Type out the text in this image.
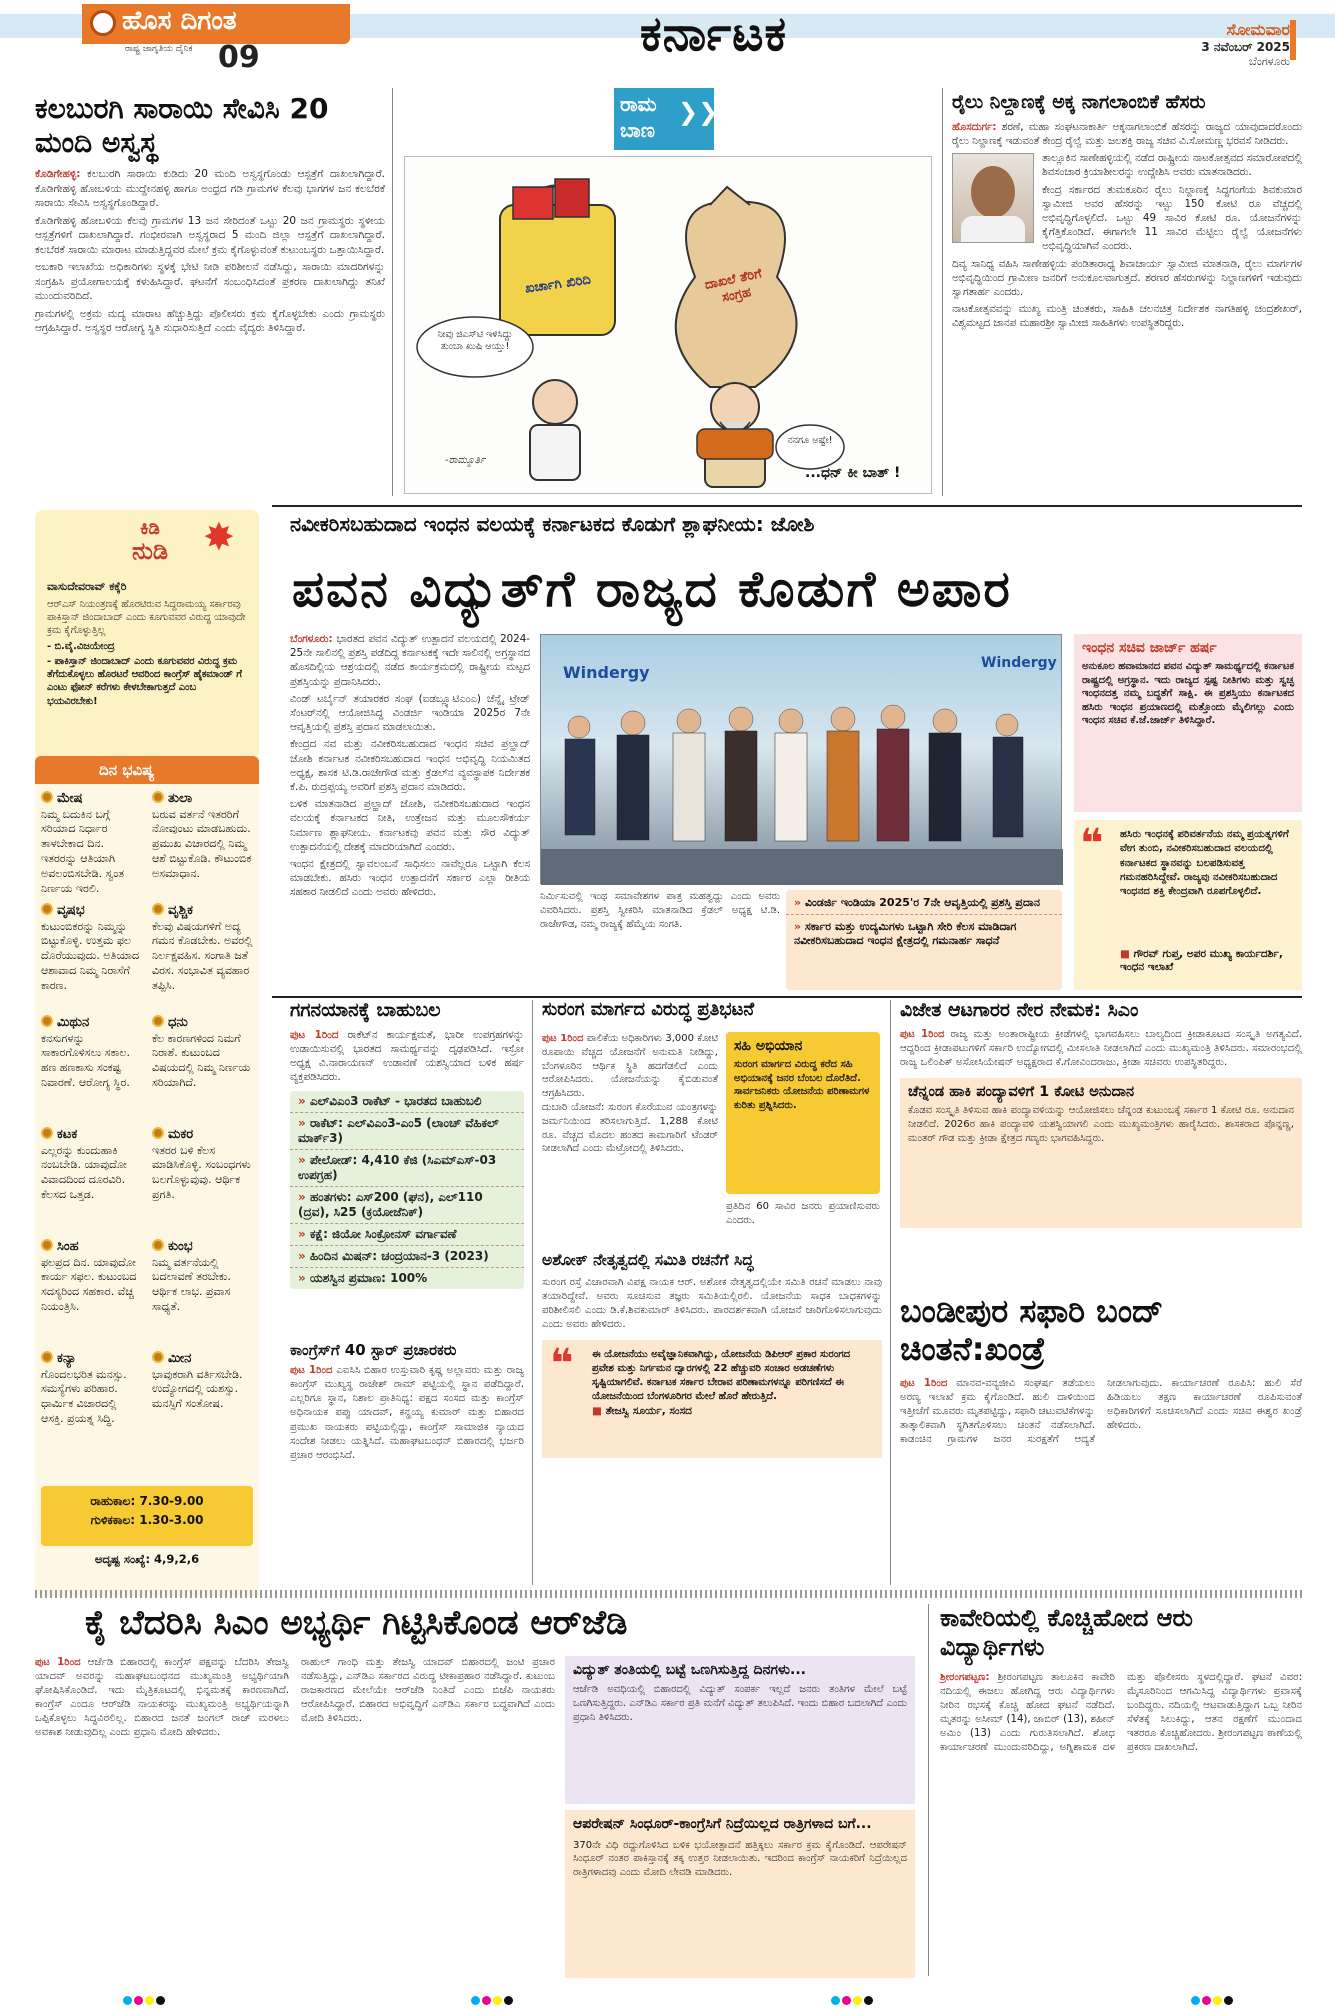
ಹೊಸ ದಿಗಂತ
ರಾಷ್ಟ್ರ ಜಾಗೃತಿಯ ದೈನಿಕ 09	ಕರ್ನಾಟಕ	ಸೋಮವಾರ
3 ನವೆಂಬರ್ 2025
ಬೆಂಗಳೂರು
ಕಲಬುರಗಿ ಸಾರಾಯಿ ಸೇವಿಸಿ 20 ಮಂದಿ ಅಸ್ವಸ್ಥ

ಕೊಡಿಗೇಹಳ್ಳಿ: ಕಲಬುರಗಿ ಸಾರಾಯಿ ಕುಡಿದು 20 ಮಂದಿ ಅಸ್ವಸ್ಥಗೊಂಡು ಆಸ್ಪತ್ರೆಗೆ ದಾಖಲಾಗಿದ್ದಾರೆ. ಕೊಡಿಗೇಹಳ್ಳಿ ಹೋಬಳಿಯ ಮುದ್ದೇನಹಳ್ಳಿ ಹಾಗೂ ಅಂಧ್ರದ ಗಡಿ ಗ್ರಾಮಗಳ ಕೆಲವು ಭಾಗಗಳ ಜನ ಕಲಬೆರಕೆ ಸಾರಾಯಿ ಸೇವಿಸಿ ಅಸ್ವಸ್ಥಗೊಂಡಿದ್ದಾರೆ.

ಕೊಡಿಗೇಹಳ್ಳಿ ಹೋಬಳಿಯ ಕೆಲವು ಗ್ರಾಮಗಳ 13 ಜನ ಸೇರಿದಂತೆ ಒಟ್ಟು 20 ಜನ ಗ್ರಾಮಸ್ಥರು ಸ್ಥಳೀಯ ಆಸ್ಪತ್ರೆಗಳಿಗೆ ದಾಖಲಾಗಿದ್ದಾರೆ. ಗಂಭೀರವಾಗಿ ಅಸ್ವಸ್ಥರಾದ 5 ಮಂದಿ ಜಿಲ್ಲಾ ಆಸ್ಪತ್ರೆಗೆ ದಾಖಲಾಗಿದ್ದಾರೆ. ಕಲಬೆರಕೆ ಸಾರಾಯಿ ಮಾರಾಟ ಮಾಡುತ್ತಿದ್ದವರ ಮೇಲೆ ಕ್ರಮ ಕೈಗೊಳ್ಳುವಂತೆ ಕುಟುಂಬಸ್ಥರು ಒತ್ತಾಯಿಸಿದ್ದಾರೆ.

ಅಬಕಾರಿ ಇಲಾಖೆಯ ಅಧಿಕಾರಿಗಳು ಸ್ಥಳಕ್ಕೆ ಭೇಟಿ ನೀಡಿ ಪರಿಶೀಲನೆ ನಡೆಸಿದ್ದು, ಸಾರಾಯಿ ಮಾದರಿಗಳನ್ನು ಸಂಗ್ರಹಿಸಿ ಪ್ರಯೋಗಾಲಯಕ್ಕೆ ಕಳುಹಿಸಿದ್ದಾರೆ. ಘಟನೆಗೆ ಸಂಬಂಧಿಸಿದಂತೆ ಪ್ರಕರಣ ದಾಖಲಾಗಿದ್ದು ತನಿಖೆ ಮುಂದುವರಿದಿದೆ.

ಗ್ರಾಮಗಳಲ್ಲಿ ಅಕ್ರಮ ಮದ್ಯ ಮಾರಾಟ ಹೆಚ್ಚುತ್ತಿದ್ದು ಪೊಲೀಸರು ಕ್ರಮ ಕೈಗೊಳ್ಳಬೇಕು ಎಂದು ಗ್ರಾಮಸ್ಥರು ಆಗ್ರಹಿಸಿದ್ದಾರೆ. ಅಸ್ವಸ್ಥರ ಆರೋಗ್ಯ ಸ್ಥಿತಿ ಸುಧಾರಿಸುತ್ತಿದೆ ಎಂದು ವೈದ್ಯರು ತಿಳಿಸಿದ್ದಾರೆ.

ರಾಮ
ಬಾಣ
❯❯
ಖರ್ಚಾಗಿ ಖಿರಿದಿ	ದಾಖಲೆ ತೆರಿಗೆ ಸಂಗ್ರಹ
ನೀವು ಜಿಎಸ್‌ಟಿ ಇಳಿಸಿದ್ದು ತುಂಬಾ ಖುಷಿ ಆಯ್ತು!
ನನಗೂ ಅಷ್ಟೇ!
-ರಾಮ್ಮೂರ್ತಿ
...ಧನ್ ಕೀ ಬಾತ್ !
ರೈಲು ನಿಲ್ದಾಣಕ್ಕೆ ಅಕ್ಕ ನಾಗಲಾಂಬಿಕೆ ಹೆಸರು

ಹೊಸದುರ್ಗ: ಶರಣೆ, ಮಹಾ ಸಂಘಟನಾಕಾರ್ತಿ ಅಕ್ಕನಾಗಲಾಂಬಿಕೆ ಹೆಸರನ್ನು ರಾಜ್ಯದ ಯಾವುದಾದರೊಂದು ರೈಲು ನಿಲ್ದಾಣಕ್ಕೆ ಇಡುವಂತೆ ಕೇಂದ್ರ ರೈಲ್ವೆ ಮತ್ತು ಜಲಶಕ್ತಿ ರಾಜ್ಯ ಸಚಿವ ವಿ.ಸೋಮಣ್ಣ ಭರವಸೆ ನೀಡಿದರು.

ತಾಲ್ಲೂಕಿನ ಸಾಣೇಹಳ್ಳಿಯಲ್ಲಿ ನಡೆದ ರಾಷ್ಟ್ರೀಯ ನಾಟಕೋತ್ಸವದ ಸಮಾರೋಪದಲ್ಲಿ ಶಿವಸಂಚಾರ ಕ್ರಿಯಾಶೀಲರನ್ನು ಉದ್ದೇಶಿಸಿ ಅವರು ಮಾತನಾಡಿದರು.

ಕೇಂದ್ರ ಸರ್ಕಾರದ ತುಮಕೂರಿನ ರೈಲು ನಿಲ್ದಾಣಕ್ಕೆ ಸಿದ್ಧಗಂಗೆಯ ಶಿವಕುಮಾರ ಸ್ವಾಮೀಜಿ ಅವರ ಹೆಸರನ್ನು ಇಟ್ಟು 150 ಕೋಟಿ ರೂ ವೆಚ್ಚದಲ್ಲಿ ಅಭಿವೃದ್ಧಿಗೊಳ್ಳಲಿದೆ. ಒಟ್ಟು 49 ಸಾವಿರ ಕೋಟಿ ರೂ. ಯೋಜನೆಗಳನ್ನು ಕೈಗೆತ್ತಿಕೊಂಡಿದೆ. ಈಗಾಗಲೇ 11 ಸಾವಿರ ಮೆಟ್ಟಿಲು ರೈಲ್ವೆ ಯೋಜನೆಗಳು ಅಭಿವೃದ್ಧಿಯಾಗಿವೆ ಎಂದರು.

ದಿವ್ಯ ಸಾನಿಧ್ಯ ವಹಿಸಿ ಸಾಣೇಹಳ್ಳಿಯ ಪಂಡಿತಾರಾಧ್ಯ ಶಿವಾಚಾರ್ಯ ಸ್ವಾಮೀಜಿ ಮಾತನಾಡಿ, ರೈಲು ಮಾರ್ಗಗಳ ಅಭಿವೃದ್ಧಿಯಿಂದ ಗ್ರಾಮೀಣ ಜನರಿಗೆ ಅನುಕೂಲವಾಗುತ್ತದೆ. ಶರಣರ ಹೆಸರುಗಳನ್ನು ನಿಲ್ದಾಣಗಳಿಗೆ ಇಡುವುದು ಸ್ವಾಗತಾರ್ಹ ಎಂದರು.

ನಾಟಕೋತ್ಸವವನ್ನು ಮುಖ್ಯ ಮಂತ್ರಿ ಚಿಂತಕರು, ಸಾಹಿತಿ ಚಲನಚಿತ್ರ ನಿರ್ದೇಶಕ ನಾಗತಿಹಳ್ಳಿ ಚಂದ್ರಶೇಖರ್, ವಿಶ್ವಮಟ್ಟದ ಜಾನಪ ಮಹಾರಶ್ರೀ ಸ್ವಾಮೀಜಿ ಸಾಹಿತಿಗಳು ಉಪಸ್ಥಿತರಿದ್ದರು.

ಕಿಡಿ
ನುಡಿ ✸
ವಾಸುದೇವರಾವ್ ಕಕ್ಕೆರಿ
ಆರ್‌ಎಸ್ ನಿಯಂತ್ರಣಕ್ಕೆ ಹೊರಟಿರುವ ಸಿದ್ದರಾಮಯ್ಯ ಸರ್ಕಾರವು ಪಾಕಿಸ್ತಾನ್ ಜಿಂದಾಬಾದ್ ಎಂದು ಕೂಗುವವರ ವಿರುದ್ಧ ಯಾವುದೇ ಕ್ರಮ ಕೈಗೊಳ್ಳುತ್ತಿಲ್ಲ
- ಬಿ.ವೈ.ವಿಜಯೇಂದ್ರ
- ಪಾಕಿಸ್ತಾನ್ ಜಿಂದಾಬಾದ್ ಎಂದು ಕೂಗುವವರ ವಿರುದ್ಧ ಕ್ರಮ ತೆಗೆದುಕೊಳ್ಳಲು ಹೊರಟರೆ ಆವರಿಂದ ಕಾಂಗ್ರೆಸ್ ಹೈಕಮಾಂಡ್ ಗೆ ಎಂಟು ಫೋನ್ ಕರೆಗಳು ಕೇಳಬೇಕಾಗುತ್ತದೆ ಎಂಬ ಭಯವಿರಬೇಕು!
ದಿನ ಭವಿಷ್ಯ
ಮೇಷ
ನಿಮ್ಮ ಬದುಕಿನ ಬಗ್ಗೆ ಸರಿಯಾದ ನಿರ್ಧಾರ ತಾಳಬೇಕಾದ ದಿನ. ಇತರರನ್ನು ಆತಿಯಾಗಿ ಅವಲಂಬಿಸಬೇಡಿ. ಸ್ವಂತ ನಿರ್ಣಯ ಇರಲಿ.
ತುಲಾ
ಬರುವ ವರ್ತನೆ ಇತರರಿಗೆ ನೋವುಂಟು ಮಾಡಬಹುದು. ಪ್ರಮುಖ ವಿಚಾರದಲ್ಲಿ ನಿಮ್ಮ ಆಶೆ ಬಿಟ್ಟುಕೊಡಿ. ಕೌಟುಂಬಿಕ ಅಸಮಾಧಾನ.
ವೃಷಭ
ಕುಟುಂಬಿಕರನ್ನು ನಿಮ್ಮನ್ನು ಬಿಟ್ಟುಕೊಳ್ಳಿ. ಉತ್ತಮ ಫಲ ದೊರೆಯುವುದು. ಅತಿಯಾದ ಆಶಾವಾದ ನಿಮ್ಮ ನಿರಾಸೆಗೆ ಕಾರಣ.
ವೃಶ್ಚಿಕ
ಕೆಲವು ವಿಷಯಗಳಿಗೆ ಅದ್ಯ ಗಮನ ಕೊಡಬೇಕು. ಅವರಲ್ಲಿ ನಿರ್ಲಕ್ಷವಹಿಸ. ಸಂಗಾತಿ ಜತೆ ವಿರಸ. ಸಂಭಾವಿತ ವ್ಯವಹಾರ ತಪ್ಪಿಸಿ.
ಮಿಥುನ
ಕನಸುಗಳನ್ನು ಸಾಕಾರಗೊಳಿಸಲು ಸಕಾಲ. ಹಣ ಹಣಕಾಸು ಸಂಕಷ್ಟ ನಿವಾರಣೆ. ಆರೋಗ್ಯ ಸ್ಥಿರ.
ಧನು
ಕೆಲ ಕಾರಣಗಳಿಂದ ನಿಮಗೆ ನಿರಾಶೆ. ಕುಟುಂಬದ ವಿಷಯದಲ್ಲಿ ನಿಮ್ಮ ನಿರ್ಣಯ ಸರಿಯಾಗಿದೆ.
ಕಟಕ
ಎಲ್ಲರನ್ನು ಕುಂದುಹಾಕಿ ನಂಬಬೇಡಿ. ಯಾವುದೋ ವಿವಾದದಿಂದ ದೂರವಿರಿ. ಕೆಲಸದ ಒತ್ತಡ.
ಮಕರ
ಇತರರ ಬಳಿ ಕೆಲಸ ಮಾಡಿಸಿಕೊಳ್ಳಿ. ಸಂಬಂಧಗಳು ಬಲಗೊಳ್ಳುವುವು. ಆರ್ಥಿಕ ಪ್ರಗತಿ.
ಸಿಂಹ
ಫಲಪ್ರದ ದಿನ. ಯಾವುದೋ ಕಾರ್ಯ ಸಫಲ. ಕುಟುಂಬದ ಸದಸ್ಯರಿಂದ ಸಹಕಾರ. ವೆಚ್ಚ ನಿಯಂತ್ರಿಸಿ.
ಕುಂಭ
ನಿಮ್ಮ ವರ್ತನೆಯಲ್ಲಿ ಬದಲಾವಣೆ ತರಬೇಕು. ಆರ್ಥಿಕ ಲಾಭ. ಪ್ರವಾಸ ಸಾಧ್ಯತೆ.
ಕನ್ಯಾ
ಗೊಂದಲಭರಿತ ಮನಸ್ಸು. ಸಮಸ್ಯೆಗಳು ಪರಿಹಾರ. ಧಾರ್ಮಿಕ ವಿಚಾರದಲ್ಲಿ ಆಸಕ್ತಿ. ಪ್ರಯತ್ನ ಸಿದ್ಧಿ.
ಮೀನ
ಭಾವುಕರಾಗಿ ವರ್ತಿಸಬೇಡಿ. ಉದ್ಯೋಗದಲ್ಲಿ ಯಶಸ್ಸು. ಮನಸ್ಸಿಗೆ ಸಂತೋಷ.
ರಾಹುಕಾಲ: 7.30-9.00
ಗುಳಿಕಕಾಲ: 1.30-3.00
ಅದೃಷ್ಟ ಸಂಖ್ಯೆ: 4,9,2,6
ನವೀಕರಿಸಬಹುದಾದ ಇಂಧನ ವಲಯಕ್ಕೆ ಕರ್ನಾಟಕದ ಕೊಡುಗೆ ಶ್ಲಾಘನೀಯ: ಜೋಶಿ
ಪವನ ವಿದ್ಯುತ್‌ಗೆ ರಾಜ್ಯದ ಕೊಡುಗೆ ಅಪಾರ

ಬೆಂಗಳೂರು: ಭಾರತದ ಪವನ ವಿದ್ಯುತ್ ಉತ್ಪಾದನೆ ವಲಯದಲ್ಲಿ 2024-25ನೇ ಸಾಲಿನಲ್ಲಿ ಪ್ರಶಸ್ತಿ ಪಡೆದಿದ್ದ ಕರ್ನಾಟಕಕ್ಕೆ ಇದೇ ಸಾಲಿನಲ್ಲಿ ಅಗ್ರಸ್ಥಾನದ ಹೊಸದಿಲ್ಲಿಯ ಆಶ್ರಯದಲ್ಲಿ ನಡೆದ ಕಾರ್ಯಕ್ರಮದಲ್ಲಿ ರಾಷ್ಟ್ರೀಯ ಮಟ್ಟದ ಪ್ರಶಸ್ತಿಯನ್ನು ಪ್ರದಾನಿಸಿದರು.

ವಿಂಡ್ ಟರ್ಬೈನ್ ತಯಾರಕರ ಸಂಘ (ಐಡಬ್ಲ್ಯೂಟಿಎಂಎ) ಚೆನ್ನೈ ಟ್ರೇಡ್ ಸೆಂಟರ್‌ನಲ್ಲಿ ಆಯೋಜಿಸಿದ್ದ ವಿಂಡರ್ಜಿ ಇಂಡಿಯಾ 2025ರ 7ನೇ ಆವೃತ್ತಿಯಲ್ಲಿ ಪ್ರಶಸ್ತಿ ಪ್ರದಾನ ಮಾಡಲಾಯಿತು.

ಕೇಂದ್ರದ ನವ ಮತ್ತು ನವೀಕರಿಸಬಹುದಾದ ಇಂಧನ ಸಚಿವ ಪ್ರಲ್ಹಾದ್ ಜೋಶಿ ಕರ್ನಾಟಕ ನವೀಕರಿಸಬಹುದಾದ ಇಂಧನ ಅಭಿವೃದ್ಧಿ ನಿಯಮಿತದ ಅಧ್ಯಕ್ಷ, ಶಾಸಕ ಟಿ.ಡಿ.ರಾಜೇಗೌಡ ಮತ್ತು ಕ್ರೆಡಲ್‌ನ ವ್ಯವಸ್ಥಾಪಕ ನಿರ್ದೇಶಕ ಕೆ.ಪಿ. ರುದ್ರಪ್ಪಯ್ಯ ಅವರಿಗೆ ಪ್ರಶಸ್ತಿ ಪ್ರದಾನ ಮಾಡಿದರು.

ಬಳಿಕ ಮಾತನಾಡಿದ ಪ್ರಲ್ಹಾದ್ ಜೋಶಿ, ನವೀಕರಿಸಬಹುದಾದ ಇಂಧನ ವಲಯಕ್ಕೆ ಕರ್ನಾಟಕದ ನೀತಿ, ಉತ್ತೇಜನ ಮತ್ತು ಮೂಲಸೌಕರ್ಯ ನಿರ್ಮಾಣ ಶ್ಲಾಘನೀಯ. ಕರ್ನಾಟಕವು ಪವನ ಮತ್ತು ಸೌರ ವಿದ್ಯುತ್ ಉತ್ಪಾದನೆಯಲ್ಲಿ ದೇಶಕ್ಕೆ ಮಾದರಿಯಾಗಿದೆ ಎಂದರು.

ಇಂಧನ ಕ್ಷೇತ್ರದಲ್ಲಿ ಸ್ವಾವಲಂಬನೆ ಸಾಧಿಸಲು ನಾವೆಲ್ಲರೂ ಒಟ್ಟಾಗಿ ಕೆಲಸ ಮಾಡಬೇಕು. ಹಸಿರು ಇಂಧನ ಉತ್ಪಾದನೆಗೆ ಸರ್ಕಾರ ಎಲ್ಲಾ ರೀತಿಯ ಸಹಕಾರ ನೀಡಲಿದೆ ಎಂದು ಅವರು ಹೇಳಿದರು.

Windergy	Windergy
ನಿರ್ಮಿಸುವಲ್ಲಿ ಇಂಥ ಸಮಾವೇಶಗಳ ಪಾತ್ರ ಮಹತ್ವದ್ದು ಎಂದು ಅವರು ವಿವರಿಸಿದರು. ಪ್ರಶಸ್ತಿ ಸ್ವೀಕರಿಸಿ ಮಾತನಾಡಿದ ಕ್ರೆಡಲ್ ಅಧ್ಯಕ್ಷ ಟಿ.ಡಿ. ರಾಜೇಗೌಡ, ನಮ್ಮ ರಾಜ್ಯಕ್ಕೆ ಹೆಮ್ಮೆಯ ಸಂಗತಿ.
» ವಿಂಡರ್ಜಿ ಇಂಡಿಯಾ 2025'ರ 7ನೇ ಆವೃತ್ತಿಯಲ್ಲಿ ಪ್ರಶಸ್ತಿ ಪ್ರದಾನ
» ಸರ್ಕಾರ ಮತ್ತು ಉದ್ಯಮಿಗಳು ಒಟ್ಟಾಗಿ ಸೇರಿ ಕೆಲಸ ಮಾಡಿದಾಗ ನವೀಕರಿಸಬಹುದಾದ ಇಂಧನ ಕ್ಷೇತ್ರದಲ್ಲಿ ಗಮನಾರ್ಹ ಸಾಧನೆ
ಇಂಧನ ಸಚಿವ ಜಾರ್ಜ್ ಹರ್ಷ
ಅನುಕೂಲ ಹವಾಮಾನದ ಪವನ ವಿದ್ಯುತ್ ಸಾಮರ್ಥ್ಯದಲ್ಲಿ ಕರ್ನಾಟಕ ರಾಷ್ಟ್ರದಲ್ಲಿ ಅಗ್ರಸ್ಥಾನ. ಇದು ರಾಜ್ಯದ ಸ್ಪಷ್ಟ ನೀತಿಗಳು ಮತ್ತು ಸ್ವಚ್ಛ ಇಂಧನದತ್ತ ನಮ್ಮ ಬದ್ಧತೆಗೆ ಸಾಕ್ಷಿ. ಈ ಪ್ರಶಸ್ತಿಯು ಕರ್ನಾಟಕದ ಹಸಿರು ಇಂಧನ ಪ್ರಯಾಣದಲ್ಲಿ ಮತ್ತೊಂದು ಮೈಲಿಗಲ್ಲು ಎಂದು ಇಂಧನ ಸಚಿವ ಕೆ.ಜೆ.ಜಾರ್ಜ್ ತಿಳಿಸಿದ್ದಾರೆ.
❝ ಹಸಿರು ಇಂಧನಕ್ಕೆ ಪರಿವರ್ತನೆಯ ನಮ್ಮ ಪ್ರಯತ್ನಗಳಿಗೆ ವೇಗ ತುಂಬಿ, ನವೀಕರಿಸಬಹುದಾದ ವಲಯದಲ್ಲಿ ಕರ್ನಾಟಕದ ಸ್ಥಾನವನ್ನು ಬಲಪಡಿಸುವತ್ತ ಗಮನಹರಿಸಿದ್ದೇವೆ. ರಾಜ್ಯವು ನವೀಕರಿಸಬಹುದಾದ ಇಂಧನದ ಶಕ್ತಿ ಕೇಂದ್ರವಾಗಿ ರೂಪಗೊಳ್ಳಲಿದೆ.
■ ಗೌರವ್ ಗುಪ್ತ, ಅಪರ ಮುಖ್ಯ ಕಾರ್ಯದರ್ಶಿ, ಇಂಧನ ಇಲಾಖೆ
ಗಗನಯಾನಕ್ಕೆ ಬಾಹುಬಲ
ಪುಟ 1ರಿಂದ ರಾಕೆಟ್‌ನ ಕಾರ್ಯಕ್ಷಮತೆ, ಭಾರೀ ಉಪಗ್ರಹಗಳನ್ನು ಉಡಾಯಿಸುವಲ್ಲಿ ಭಾರತದ ಸಾಮರ್ಥ್ಯವನ್ನು ದೃಢಪಡಿಸಿದೆ. ಇಸ್ರೋ ಅಧ್ಯಕ್ಷ ವಿ.ನಾರಾಯಣನ್ ಉಡಾವಣೆ ಯಶಸ್ವಿಯಾದ ಬಳಿಕ ಹರ್ಷ ವ್ಯಕ್ತಪಡಿಸಿದರು.
» ಎಲ್‌ವಿಎಂ3 ರಾಕೆಟ್ - ಭಾರತದ ಬಾಹುಬಲಿ
» ರಾಕೆಟ್: ಎಲ್‌ವಿಎಂ3-ಎಂ5 (ಲಾಂಚ್ ವೆಹಿಕಲ್ ಮಾರ್ಕ್3)
» ಪೇಲೋಡ್: 4,410 ಕೆಜಿ (ಸಿಎಮ್‌ಎಸ್-03 ಉಪಗ್ರಹ)
» ಹಂತಗಳು: ಎಸ್200 (ಘನ), ಎಲ್110 (ದ್ರವ), ಸಿ25 (ಕ್ರಯೋಜೆನಿಕ್)
» ಕಕ್ಷೆ: ಜಿಯೋ ಸಿಂಕ್ರೋನಸ್ ವರ್ಗಾವಣೆ
» ಹಿಂದಿನ ಮಿಷನ್: ಚಂದ್ರಯಾನ-3 (2023)
» ಯಶಸ್ವಿನ ಪ್ರಮಾಣ: 100%
ಕಾಂಗ್ರೆಸ್‌ಗೆ 40 ಸ್ಟಾರ್ ಪ್ರಚಾರಕರು
ಪುಟ 1ರಿಂದ ಎಐಸಿಸಿ ಬಿಹಾರ ಉಸ್ತುವಾರಿ ಕೃಷ್ಣ ಅಲ್ಲಾವರು ಮತ್ತು ರಾಜ್ಯ ಕಾಂಗ್ರೆಸ್ ಮುಖ್ಯಸ್ಥ ರಾಜೇಶ್ ರಾಮ್ ಪಟ್ಟಿಯಲ್ಲಿ ಸ್ಥಾನ ಪಡೆದಿದ್ದಾರೆ. ಎಲ್ಲರಿಗೂ ಸ್ಥಾನ, ನಿಶಾಲ ಪ್ರಾತಿನಿಧ್ಯ: ಪಕ್ಷದ ಸಂಸದ ಮತ್ತು ಕಾಂಗ್ರೆಸ್ ಅಧಿನಾಯಕ ಪಪ್ಪು ಯಾದವ್, ಕನ್ಹಯ್ಯ ಕುಮಾರ್ ಮತ್ತು ಬಿಹಾರದ ಪ್ರಮುಖ ನಾಯಕರು ಪಟ್ಟಿಯಲ್ಲಿದ್ದು, ಕಾಂಗ್ರೆಸ್ ಸಾಮಾಜಿಕ ನ್ಯಾಯದ ಸಂದೇಶ ನೀಡಲು ಯತ್ನಿಸಿದೆ. ಮಹಾಘಟಬಂಧನ್ ಬಿಹಾರದಲ್ಲಿ ಭರ್ಜರಿ ಪ್ರಚಾರ ಆರಂಭಿಸಿದೆ.
ಸುರಂಗ ಮಾರ್ಗದ ವಿರುದ್ಧ ಪ್ರತಿಭಟನೆ
ಪುಟ 1ರಿಂದ ಪಾಲಿಕೆಯ ಅಧಿಕಾರಿಗಳು 3,000 ಕೋಟಿ ರೂಪಾಯಿ ವೆಚ್ಚದ ಯೋಜನೆಗೆ ಅನುಮತಿ ನೀಡಿದ್ದು, ಬೆಂಗಳೂರಿನ ಆರ್ಥಿಕ ಸ್ಥಿತಿ ಹದಗೆಡಲಿದೆ ಎಂದು ಆರೋಪಿಸಿದರು. ಯೋಜನೆಯನ್ನು ಕೈಬಿಡುವಂತೆ ಆಗ್ರಹಿಸಿದರು.

ದುಬಾರಿ ಯೋಜನೆ: ಸುರಂಗ ಕೊರೆಯುವ ಯಂತ್ರಗಳನ್ನು ಜರ್ಮನಿಯಿಂದ ತರಿಸಲಾಗುತ್ತಿದೆ. 1,288 ಕೋಟಿ ರೂ. ವೆಚ್ಚದ ಮೊದಲ ಹಂತದ ಕಾಮಗಾರಿಗೆ ಟೆಂಡರ್ ನೀಡಲಾಗಿದೆ ಎಂದು ಮೆಟ್ರೋದಲ್ಲಿ ತಿಳಿಸಿದರು.

ಸಹಿ ಅಭಿಯಾನ
ಸುರಂಗ ಮಾರ್ಗದ ವಿರುದ್ಧ ಕರೆದ ಸಹಿ ಅಭಿಯಾನಕ್ಕೆ ಜನರ ಬೆಂಬಲ ದೊರೆತಿದೆ. ಸಾರ್ವಜನಿಕರು ಯೋಜನೆಯ ಪರಿಣಾಮಗಳ ಕುರಿತು ಪ್ರಶ್ನಿಸಿದರು.
ಪ್ರತಿದಿನ 60 ಸಾವಿರ ಜನರು ಪ್ರಯಾಣಿಸುವರು ಎಂದರು.
ಅಶೋಕ್ ನೇತೃತ್ವದಲ್ಲಿ ಸಮಿತಿ ರಚನೆಗೆ ಸಿದ್ಧ
ಸುರಂಗ ರಸ್ತೆ ವಿಚಾರವಾಗಿ ವಿಪಕ್ಷ ನಾಯಕ ಆರ್. ಅಶೋಕ ನೇತೃತ್ವದಲ್ಲಿಯೇ ಸಮಿತಿ ರಚನೆ ಮಾಡಲು ನಾವು ತಯಾರಿದ್ದೇವೆ. ಅವರು ಸೂಚಿಸುವ ತಜ್ಞರು ಸಮಿತಿಯಲ್ಲಿರಲಿ. ಯೋಜನೆಯ ಸಾಧಕ ಬಾಧಕಗಳನ್ನು ಪರಿಶೀಲಿಸಲಿ ಎಂದು ಡಿ.ಕೆ.ಶಿವಕುಮಾರ್ ತಿಳಿಸಿದರು. ಪಾರದರ್ಶಕವಾಗಿ ಯೋಜನೆ ಜಾರಿಗೊಳಿಸಲಾಗುವುದು ಎಂದು ಅವರು ಹೇಳಿದರು.
❝ ಈ ಯೋಜನೆಯು ಅವೈಜ್ಞಾನಿಕವಾಗಿದ್ದು, ಯೋಜನೆಯ ಡಿಪಿಆರ್ ಪ್ರಕಾರ ಸುರಂಗದ ಪ್ರವೇಶ ಮತ್ತು ನಿರ್ಗಮನ ದ್ವಾರಗಳಲ್ಲಿ 22 ಹೆಚ್ಚುವರಿ ಸಂಚಾರ ಅಡಚಣೆಗಳು ಸೃಷ್ಟಿಯಾಗಲಿವೆ. ಕರ್ನಾಟಕ ಸರ್ಕಾರ ಬೇರಾವ ಪರಿಣಾಮಗಳನ್ನೂ ಪರಿಗಣಿಸದೆ ಈ ಯೋಜನೆಯಿಂದ ಬೆಂಗಳೂರಿಗರ ಮೇಲೆ ಹೊರೆ ಹೇರುತ್ತಿದೆ.
■ ತೇಜಸ್ವಿ ಸೂರ್ಯ, ಸಂಸದ
ವಿಜೇತ ಆಟಗಾರರ ನೇರ ನೇಮಕ: ಸಿಎಂ
ಪುಟ 1ರಿಂದ ರಾಜ್ಯ ಮತ್ತು ಅಂತಾರಾಷ್ಟ್ರೀಯ ಕ್ರೀಡೆಗಳಲ್ಲಿ ಭಾಗವಹಿಸಲು ಬಾಲ್ಯದಿಂದ ಕ್ರೀಡಾಕೂಟದ ಸಂಸ್ಕೃತಿ ಅಗತ್ಯವಿದೆ. ಆದ್ದರಿಂದ ಕ್ರೀಡಾಪಟುಗಳಿಗೆ ಸರ್ಕಾರಿ ಉದ್ಯೋಗದಲ್ಲಿ ಮೀಸಲಾತಿ ನೀಡಲಾಗಿದೆ ಎಂದು ಮುಖ್ಯಮಂತ್ರಿ ತಿಳಿಸಿದರು. ಸಮಾರಂಭದಲ್ಲಿ ರಾಜ್ಯ ಒಲಿಂಪಿಕ್ ಅಸೋಸಿಯೇಷನ್ ಅಧ್ಯಕ್ಷರಾದ ಕೆ.ಗೋವಿಂದರಾಜು, ಕ್ರೀಡಾ ಸಚಿವರು ಉಪಸ್ಥಿತರಿದ್ದರು.
ಚೆನ್ನಂಡ ಹಾಕಿ ಪಂದ್ಯಾವಳಿಗೆ 1 ಕೋಟಿ ಅನುದಾನ
ಕೊಡವ ಸಂಸ್ಕೃತಿ ತಿಳಿಸುವ ಹಾಕಿ ಪಂದ್ಯಾವಳಿಯನ್ನು ಆಯೋಜಿಸಲು ಚೆನ್ನಂಡ ಕುಟುಂಬಕ್ಕೆ ಸರ್ಕಾರ 1 ಕೋಟಿ ರೂ. ಅನುದಾನ ನೀಡಲಿದೆ. 2026ರ ಹಾಕಿ ಪಂದ್ಯಾವಳಿ ಯಶಸ್ವಿಯಾಗಲಿ ಎಂದು ಮುಖ್ಯಮಂತ್ರಿಗಳು ಹಾರೈಸಿದರು. ಶಾಸಕರಾದ ಪೊನ್ನಣ್ಣ, ಮಂತರ್ ಗೌಡ ಮತ್ತು ಕ್ರೀಡಾ ಕ್ಷೇತ್ರದ ಗಣ್ಯರು ಭಾಗವಹಿಸಿದ್ದರು.
ಬಂಡೀಪುರ ಸಫಾರಿ ಬಂದ್ ಚಿಂತನೆ:ಖಂಡ್ರೆ
ಪುಟ 1ರಿಂದ ಮಾನವ-ವನ್ಯಜೀವಿ ಸಂಘರ್ಷ ತಡೆಯಲು ಅರಣ್ಯ ಇಲಾಖೆ ಕ್ರಮ ಕೈಗೊಂಡಿದೆ. ಹುಲಿ ದಾಳಿಯಿಂದ ಇತ್ತೀಚೆಗೆ ಮೂವರು ಮೃತಪಟ್ಟಿದ್ದು, ಸಫಾರಿ ಚಟುವಟಿಕೆಗಳನ್ನು ತಾತ್ಕಾಲಿಕವಾಗಿ ಸ್ಥಗಿತಗೊಳಿಸಲು ಚಿಂತನೆ ನಡೆಸಲಾಗಿದೆ. ಕಾಡಂಚಿನ ಗ್ರಾಮಗಳ ಜನರ ಸುರಕ್ಷತೆಗೆ ಆದ್ಯತೆ ನೀಡಲಾಗುವುದು. ಕಾರ್ಯಾಚರಣೆ ರೂಪಿಸಿ: ಹುಲಿ ಸೆರೆ ಹಿಡಿಯಲು ತಕ್ಷಣ ಕಾರ್ಯಾಚರಣೆ ರೂಪಿಸುವಂತೆ ಅಧಿಕಾರಿಗಳಿಗೆ ಸೂಚಿಸಲಾಗಿದೆ ಎಂದು ಸಚಿವ ಈಶ್ವರ ಖಂಡ್ರೆ ಹೇಳಿದರು.
ಕೈ ಬೆದರಿಸಿ ಸಿಎಂ ಅಭ್ಯರ್ಥಿ ಗಿಟ್ಟಿಸಿಕೊಂಡ ಆರ್‌ಜೆಡಿ
ಪುಟ 1ರಿಂದ ಆರ್ಜೆಡಿ ಬಿಹಾರದಲ್ಲಿ ಕಾಂಗ್ರೆಸ್ ಪಕ್ಷವನ್ನು ಬೆದರಿಸಿ ತೇಜಸ್ವಿ ಯಾದವ್ ಅವರನ್ನು ಮಹಾಘಟಬಂಧನದ ಮುಖ್ಯಮಂತ್ರಿ ಅಭ್ಯರ್ಥಿಯಾಗಿ ಘೋಷಿಸಿಕೊಂಡಿದೆ. ಇದು ಮೈತ್ರಿಕೂಟದಲ್ಲಿ ಭಿನ್ನಮತಕ್ಕೆ ಕಾರಣವಾಗಿದೆ. ಕಾಂಗ್ರೆಸ್ ಎಂದೂ ಆರ್‌ಜೆಡಿ ನಾಯಕರನ್ನು ಮುಖ್ಯಮಂತ್ರಿ ಅಭ್ಯರ್ಥಿಯನ್ನಾಗಿ ಒಪ್ಪಿಕೊಳ್ಳಲು ಸಿದ್ಧವಿರಲಿಲ್ಲ. ಬಿಹಾರದ ಜನತೆ ಜಂಗಲ್ ರಾಜ್ ಮರಳಲು ಅವಕಾಶ ನೀಡುವುದಿಲ್ಲ ಎಂದು ಪ್ರಧಾನಿ ಮೋದಿ ಹೇಳಿದರು.

ರಾಹುಲ್ ಗಾಂಧಿ ಮತ್ತು ತೇಜಸ್ವಿ ಯಾದವ್ ಬಿಹಾರದಲ್ಲಿ ಜಂಟಿ ಪ್ರಚಾರ ನಡೆಸುತ್ತಿದ್ದು, ಎನ್‌ಡಿಎ ಸರ್ಕಾರದ ವಿರುದ್ಧ ಟೀಕಾಪ್ರಹಾರ ನಡೆಸಿದ್ದಾರೆ. ಕುಟುಂಬ ರಾಜಕಾರಣದ ಮೇಲೆಯೇ ಆರ್‌ಜೆಡಿ ನಿಂತಿದೆ ಎಂದು ಬಿಜೆಪಿ ನಾಯಕರು ಆರೋಪಿಸಿದ್ದಾರೆ. ಬಿಹಾರದ ಅಭಿವೃದ್ಧಿಗೆ ಎನ್‌ಡಿಎ ಸರ್ಕಾರ ಬದ್ಧವಾಗಿದೆ ಎಂದು ಮೋದಿ ತಿಳಿಸಿದರು.

ವಿದ್ಯುತ್ ತಂತಿಯಲ್ಲಿ ಬಟ್ಟೆ ಒಣಗಿಸುತ್ತಿದ್ದ ದಿನಗಳು...
ಆರ್ಜೆಡಿ ಅವಧಿಯಲ್ಲಿ ಬಿಹಾರದಲ್ಲಿ ವಿದ್ಯುತ್ ಸಂಪರ್ಕ ಇಲ್ಲದೆ ಜನರು ತಂತಿಗಳ ಮೇಲೆ ಬಟ್ಟೆ ಒಣಗಿಸುತ್ತಿದ್ದರು. ಎನ್‌ಡಿಎ ಸರ್ಕಾರ ಪ್ರತಿ ಮನೆಗೆ ವಿದ್ಯುತ್ ತಲುಪಿಸಿದೆ. ಇಂದು ಬಿಹಾರ ಬದಲಾಗಿದೆ ಎಂದು ಪ್ರಧಾನಿ ತಿಳಿಸಿದರು.
ಆಪರೇಷನ್ ಸಿಂಧೂರ್-ಕಾಂಗ್ರೆಸಿಗೆ ನಿದ್ರೆಯಿಲ್ಲದ ರಾತ್ರಿಗಳಾದ ಬಗೆ...
370ನೇ ವಿಧಿ ರದ್ದುಗೊಳಿಸಿದ ಬಳಿಕ ಭಯೋತ್ಪಾದನೆ ಹತ್ತಿಕ್ಕಲು ಸರ್ಕಾರ ಕ್ರಮ ಕೈಗೊಂಡಿದೆ. ಆಪರೇಷನ್ ಸಿಂಧೂರ್ ನಂತರ ಪಾಕಿಸ್ತಾನಕ್ಕೆ ತಕ್ಕ ಉತ್ತರ ನೀಡಲಾಯಿತು. ಇದರಿಂದ ಕಾಂಗ್ರೆಸ್ ನಾಯಕರಿಗೆ ನಿದ್ರೆಯಿಲ್ಲದ ರಾತ್ರಿಗಳಾದವು ಎಂದು ಮೋದಿ ಲೇವಡಿ ಮಾಡಿದರು.
ಕಾವೇರಿಯಲ್ಲಿ ಕೊಚ್ಚಿಹೋದ ಆರು ವಿದ್ಯಾರ್ಥಿಗಳು
ಶ್ರೀರಂಗಪಟ್ಟಣ: ಶ್ರೀರಂಗಪಟ್ಟಣ ತಾಲೂಕಿನ ಕಾವೇರಿ ನದಿಯಲ್ಲಿ ಈಜಲು ಹೋಗಿದ್ದ ಆರು ವಿದ್ಯಾರ್ಥಿಗಳು ನೀರಿನ ರಭಸಕ್ಕೆ ಕೊಚ್ಚಿ ಹೋದ ಘಟನೆ ನಡೆದಿದೆ. ಮೃತರನ್ನು ಅಸೀಮ್ (14), ಜಾಬಿರ್ (13), ಶಹೀನ್ ಅಮಿಂ (13) ಎಂದು ಗುರುತಿಸಲಾಗಿದೆ. ಶೋಧ ಕಾರ್ಯಾಚರಣೆ ಮುಂದುವರಿದಿದ್ದು, ಅಗ್ನಿಶಾಮಕ ದಳ ಮತ್ತು ಪೊಲೀಸರು ಸ್ಥಳದಲ್ಲಿದ್ದಾರೆ. ಘಟನೆ ವಿವರ: ಮೈಸೂರಿನಿಂದ ಆಗಮಿಸಿದ್ದ ವಿದ್ಯಾರ್ಥಿಗಳು ಪ್ರವಾಸಕ್ಕೆ ಬಂದಿದ್ದರು. ನದಿಯಲ್ಲಿ ಆಟವಾಡುತ್ತಿದ್ದಾಗ ಒಬ್ಬ ನೀರಿನ ಸೆಳೆತಕ್ಕೆ ಸಿಲುಕಿದ್ದು, ಆತನ ರಕ್ಷಣೆಗೆ ಮುಂದಾದ ಇತರರೂ ಕೊಚ್ಚಿಹೋದರು. ಶ್ರೀರಂಗಪಟ್ಟಣ ಠಾಣೆಯಲ್ಲಿ ಪ್ರಕರಣ ದಾಖಲಾಗಿದೆ.
